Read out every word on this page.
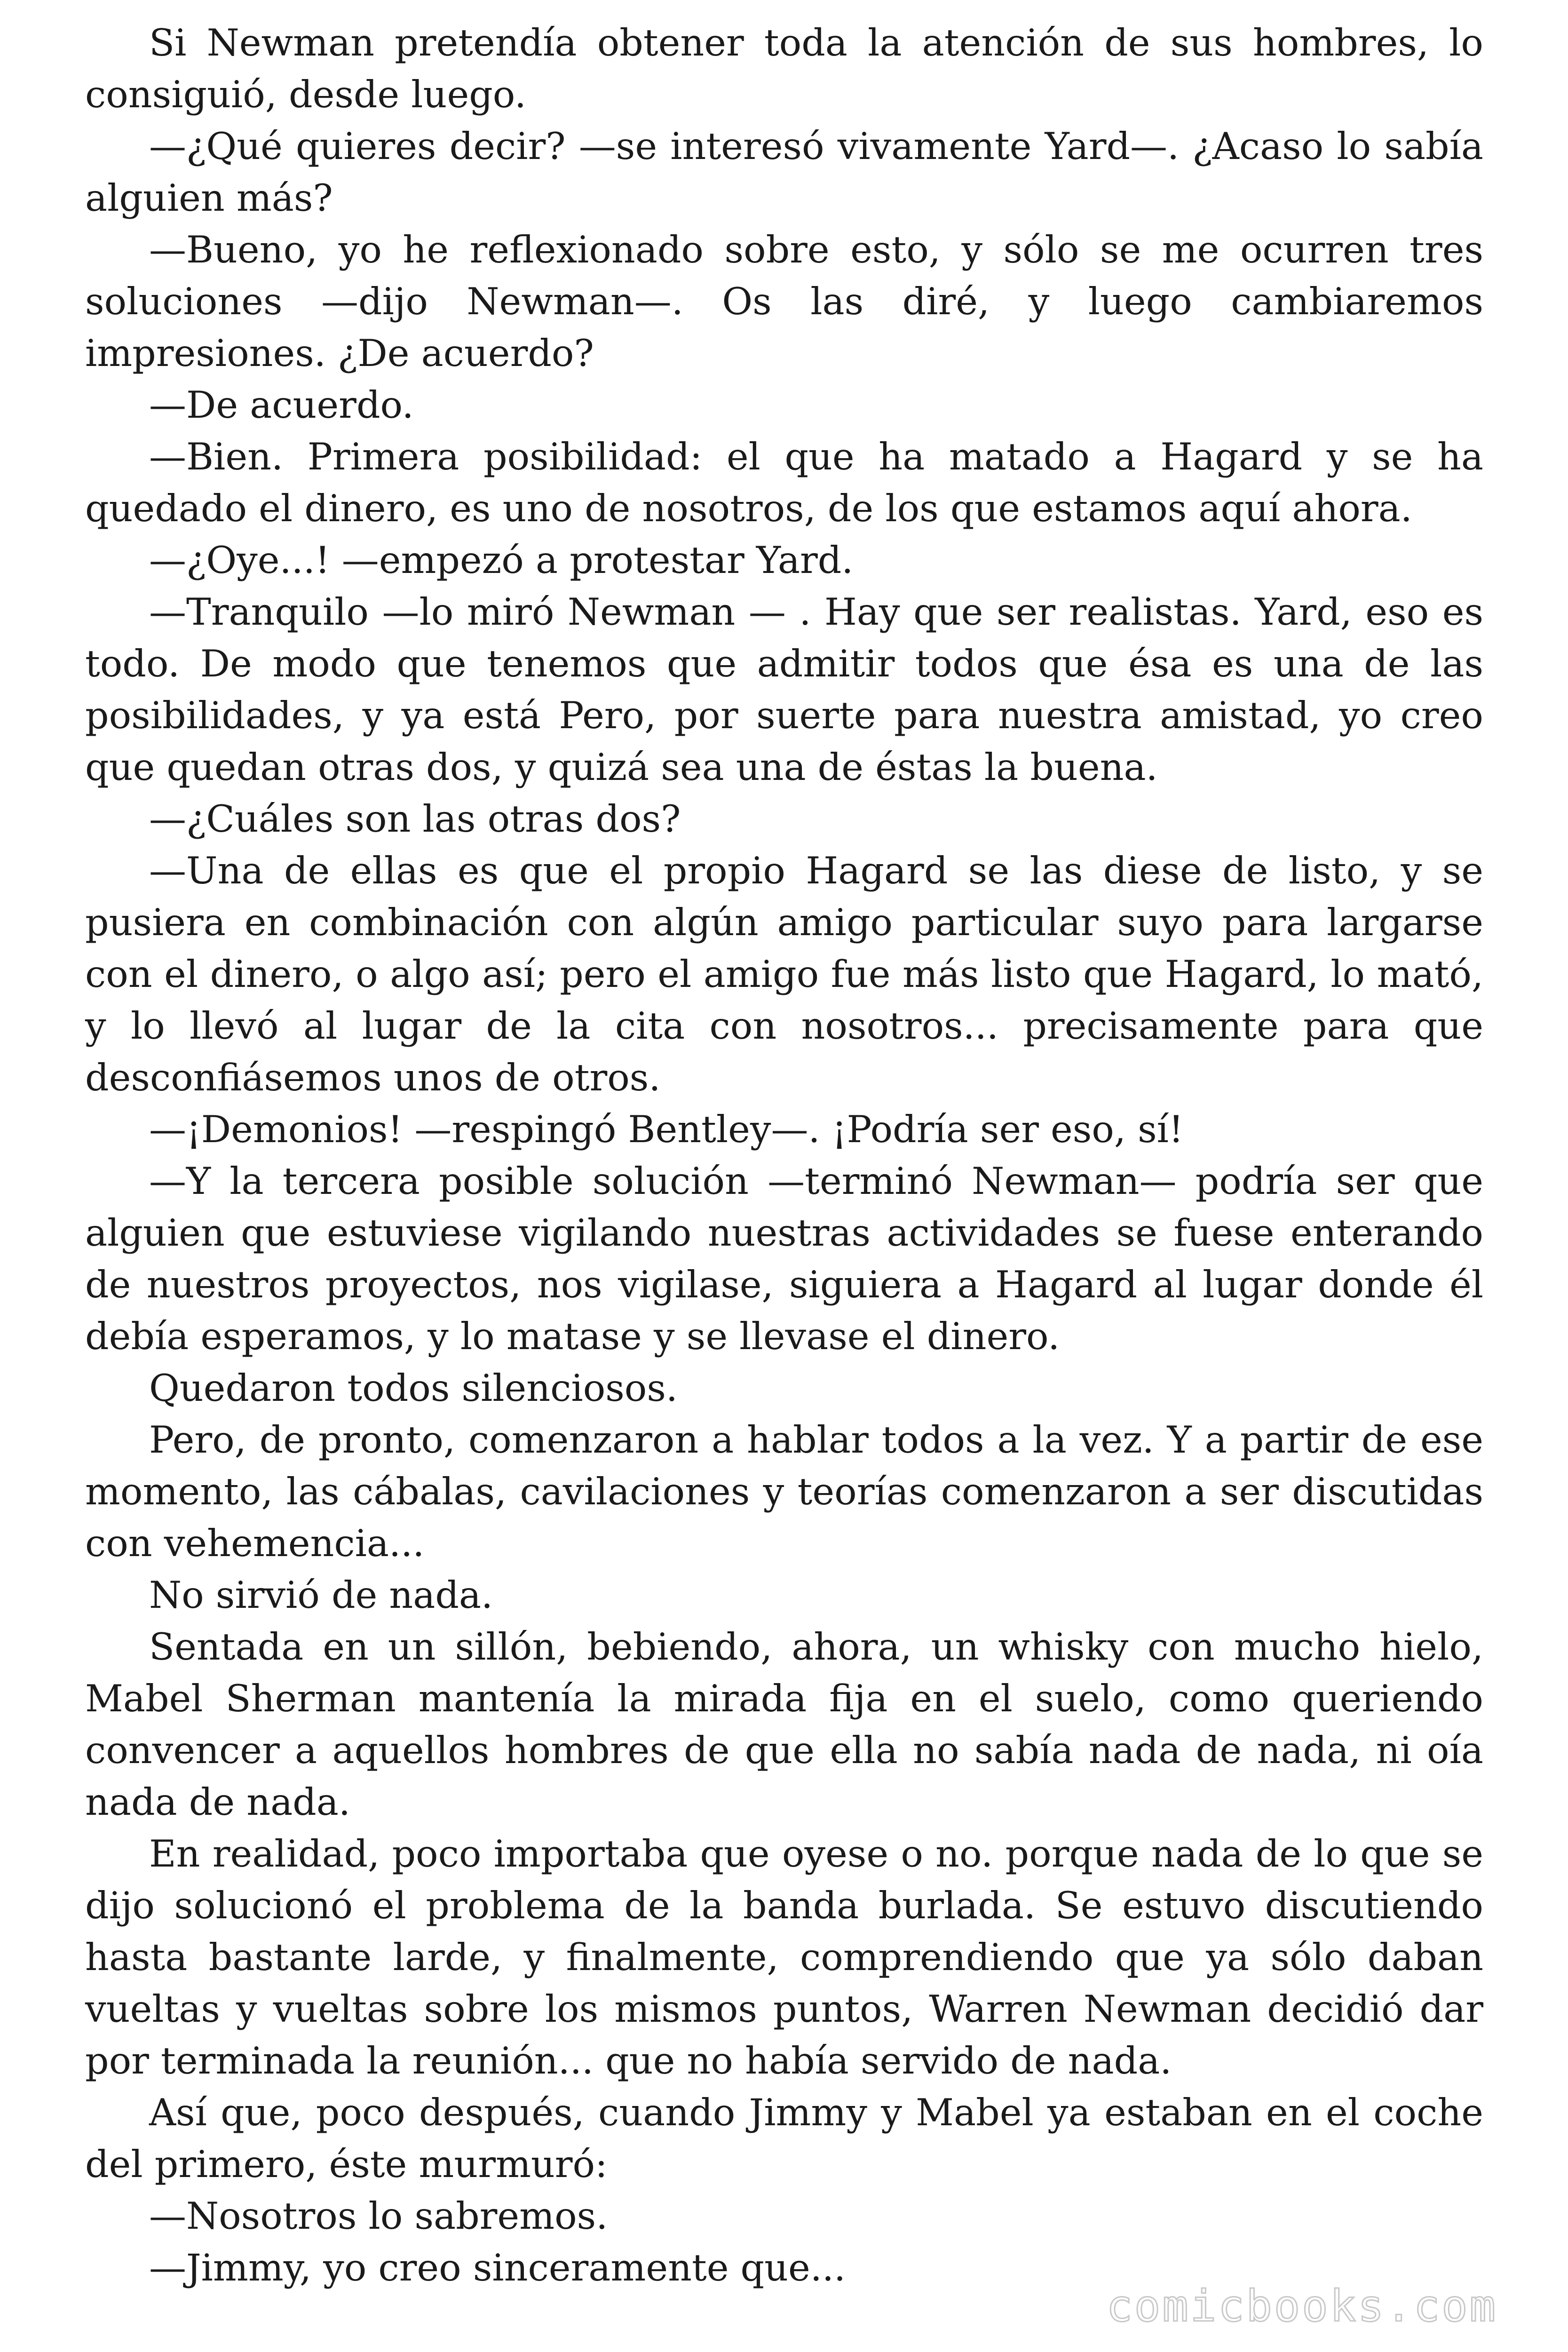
Si Newman pretendía obtener toda la atención de sus hombres, lo consiguió, desde luego.

—¿Qué quieres decir? —se interesó vivamente Yard—. ¿Acaso lo sabía alguien más?

—Bueno, yo he reflexionado sobre esto, y sólo se me ocurren tres soluciones —dijo Newman—. Os las diré, y luego cambiaremos impresiones. ¿De acuerdo?

—De acuerdo.

—Bien. Primera posibilidad: el que ha matado a Hagard y se ha quedado el dinero, es uno de nosotros, de los que estamos aquí ahora.

—¿Oye...! —empezó a protestar Yard.

—Tranquilo —lo miró Newman — . Hay que ser realistas. Yard, eso es todo. De modo que tenemos que admitir todos que ésa es una de las posibilidades, y ya está Pero, por suerte para nuestra amistad, yo creo que quedan otras dos, y quizá sea una de éstas la buena.

—¿Cuáles son las otras dos?

—Una de ellas es que el propio Hagard se las diese de listo, y se pusiera en combinación con algún amigo particular suyo para largarse con el dinero, o algo así; pero el amigo fue más listo que Hagard, lo mató, y lo llevó al lugar de la cita con nosotros... precisamente para que desconfiásemos unos de otros.

—¡Demonios! —respingó Bentley—. ¡Podría ser eso, sí!

—Y la tercera posible solución —terminó Newman— podría ser que alguien que estuviese vigilando nuestras actividades se fuese enterando de nuestros proyectos, nos vigilase, siguiera a Hagard al lugar donde él debía esperamos, y lo matase y se llevase el dinero.

Quedaron todos silenciosos.

Pero, de pronto, comenzaron a hablar todos a la vez. Y a partir de ese momento, las cábalas, cavilaciones y teorías comenzaron a ser discutidas con vehemencia...

No sirvió de nada.

Sentada en un sillón, bebiendo, ahora, un whisky con mucho hielo, Mabel Sherman mantenía la mirada fija en el suelo, como queriendo convencer a aquellos hombres de que ella no sabía nada de nada, ni oía nada de nada.

En realidad, poco importaba que oyese o no. porque nada de lo que se dijo solucionó el problema de la banda burlada. Se estuvo discutiendo hasta bastante larde, y finalmente, comprendiendo que ya sólo daban vueltas y vueltas sobre los mismos puntos, Warren Newman decidió dar por terminada la reunión... que no había servido de nada.

Así que, poco después, cuando Jimmy y Mabel ya estaban en el coche del primero, éste murmuró:

—Nosotros lo sabremos.

—Jimmy, yo creo sinceramente que...

comicbooks.com
